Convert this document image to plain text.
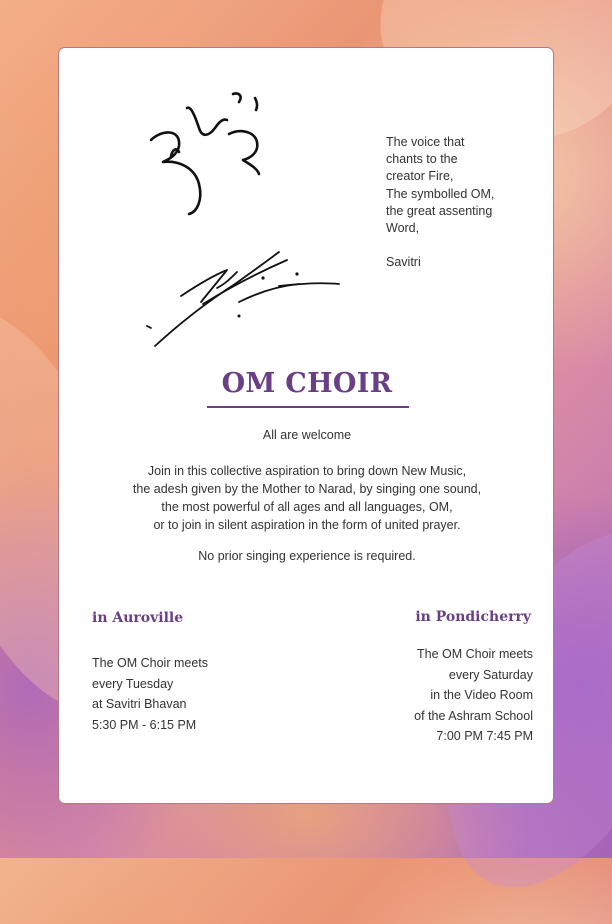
The voice that
chants to the
creator Fire,
The symbolled OM,
the great assenting
Word,
Savitri
OM CHOIR
All are welcome
Join in this collective aspiration to bring down New Music,
the adesh given by the Mother to Narad, by singing one sound,
the most powerful of all ages and all languages, OM,
or to join in silent aspiration in the form of united prayer.
No prior singing experience is required.
in Auroville	in Pondicherry
The OM Choir meets
every Tuesday
at Savitri Bhavan
5:30 PM - 6:15 PM
The OM Choir meets
every Saturday
in the Video Room
of the Ashram School
7:00 PM 7:45 PM
